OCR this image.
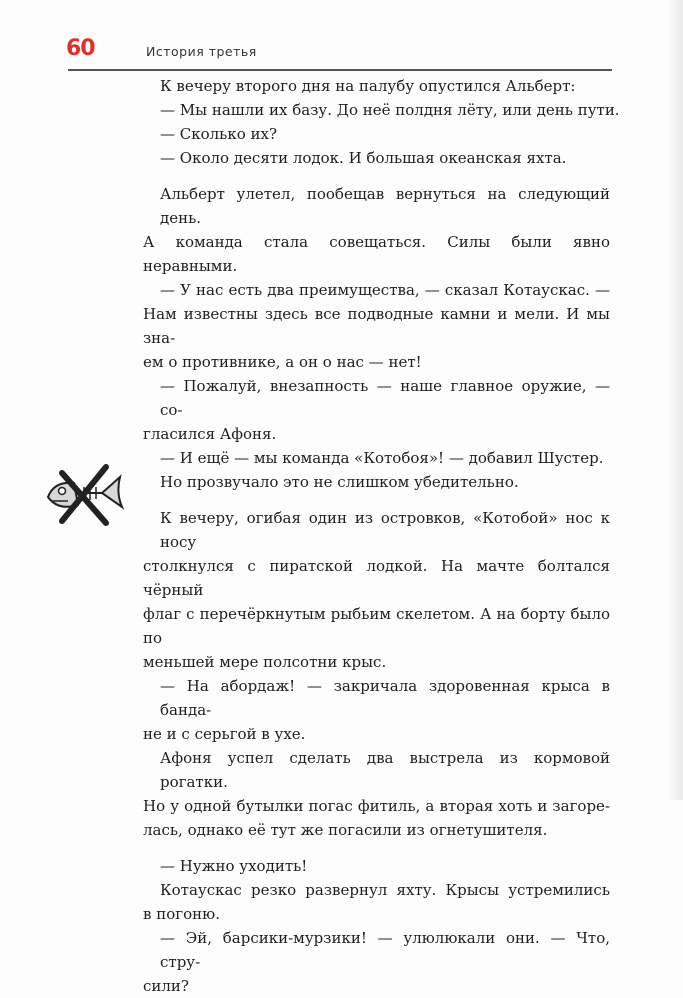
60	История третья
К вечеру второго дня на палубу опустился Альберт:
— Мы нашли их базу. До неё полдня лёту, или день пути.
— Сколько их?
— Около десяти лодок. И большая океанская яхта.
Альберт улетел, пообещав вернуться на следующий день.
А команда стала совещаться. Силы были явно неравными.
— У нас есть два преимущества, — сказал Котаускас. —
Нам известны здесь все подводные камни и мели. И мы зна-
ем о противнике, а он о нас — нет!
— Пожалуй, внезапность — наше главное оружие, — со-
гласился Афоня.
— И ещё — мы команда «Котобоя»! — добавил Шустер.
Но прозвучало это не слишком убедительно.
К вечеру, огибая один из островков, «Котобой» нос к носу
столкнулся с пиратской лодкой. На мачте болтался чёрный
флаг с перечёркнутым рыбьим скелетом. А на борту было по
меньшей мере полсотни крыс.
— На абордаж! — закричала здоровенная крыса в банда-
не и с серьгой в ухе.
Афоня успел сделать два выстрела из кормовой рогатки.
Но у одной бутылки погас фитиль, а вторая хоть и загоре-
лась, однако её тут же погасили из огнетушителя.
— Нужно уходить!
Котаускас резко развернул яхту. Крысы устремились
в погоню.
— Эй, барсики-мурзики! — улюлюкали они. — Что, стру-
сили?
